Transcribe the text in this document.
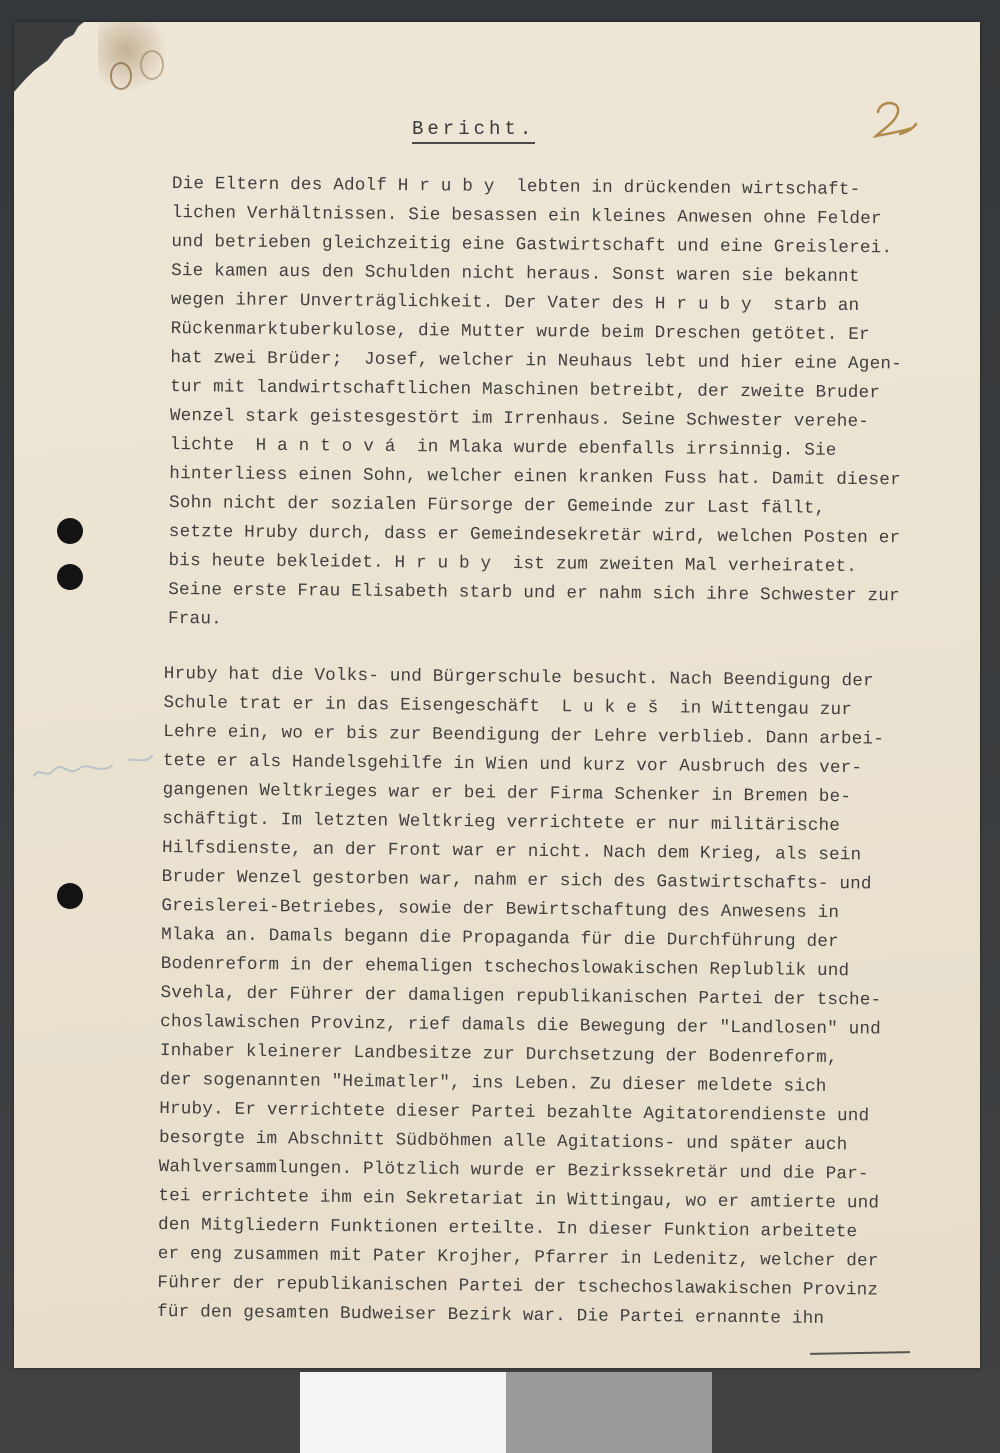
Bericht.
Die Eltern des Adolf H r u b y  lebten in drückenden wirtschaft-
lichen Verhältnissen. Sie besassen ein kleines Anwesen ohne Felder
und betrieben gleichzeitig eine Gastwirtschaft und eine Greislerei.
Sie kamen aus den Schulden nicht heraus. Sonst waren sie bekannt
wegen ihrer Unverträglichkeit. Der Vater des H r u b y  starb an
Rückenmarktuberkulose, die Mutter wurde beim Dreschen getötet. Er
hat zwei Brüder;  Josef, welcher in Neuhaus lebt und hier eine Agen-
tur mit landwirtschaftlichen Maschinen betreibt, der zweite Bruder
Wenzel stark geistesgestört im Irrenhaus. Seine Schwester verehe-
lichte  H a n t o v á  in Mlaka wurde ebenfalls irrsinnig. Sie
hinterliess einen Sohn, welcher einen kranken Fuss hat. Damit dieser
Sohn nicht der sozialen Fürsorge der Gemeinde zur Last fällt,
setzte Hruby durch, dass er Gemeindesekretär wird, welchen Posten er
bis heute bekleidet. H r u b y  ist zum zweiten Mal verheiratet.
Seine erste Frau Elisabeth starb und er nahm sich ihre Schwester zur
Frau.
Hruby hat die Volks- und Bürgerschule besucht. Nach Beendigung der
Schule trat er in das Eisengeschäft  L u k e š  in Wittengau zur
Lehre ein, wo er bis zur Beendigung der Lehre verblieb. Dann arbei-
tete er als Handelsgehilfe in Wien und kurz vor Ausbruch des ver-
gangenen Weltkrieges war er bei der Firma Schenker in Bremen be-
schäftigt. Im letzten Weltkrieg verrichtete er nur militärische
Hilfsdienste, an der Front war er nicht. Nach dem Krieg, als sein
Bruder Wenzel gestorben war, nahm er sich des Gastwirtschafts- und
Greislerei-Betriebes, sowie der Bewirtschaftung des Anwesens in
Mlaka an. Damals begann die Propaganda für die Durchführung der
Bodenreform in der ehemaligen tschechoslowakischen Replublik und
Svehla, der Führer der damaligen republikanischen Partei der tsche-
choslawischen Provinz, rief damals die Bewegung der "Landlosen" und
Inhaber kleinerer Landbesitze zur Durchsetzung der Bodenreform,
der sogenannten "Heimatler", ins Leben. Zu dieser meldete sich
Hruby. Er verrichtete dieser Partei bezahlte Agitatorendienste und
besorgte im Abschnitt Südböhmen alle Agitations- und später auch
Wahlversammlungen. Plötzlich wurde er Bezirkssekretär und die Par-
tei errichtete ihm ein Sekretariat in Wittingau, wo er amtierte und
den Mitgliedern Funktionen erteilte. In dieser Funktion arbeitete
er eng zusammen mit Pater Krojher, Pfarrer in Ledenitz, welcher der
Führer der republikanischen Partei der tschechoslawakischen Provinz
für den gesamten Budweiser Bezirk war. Die Partei ernannte ihn
